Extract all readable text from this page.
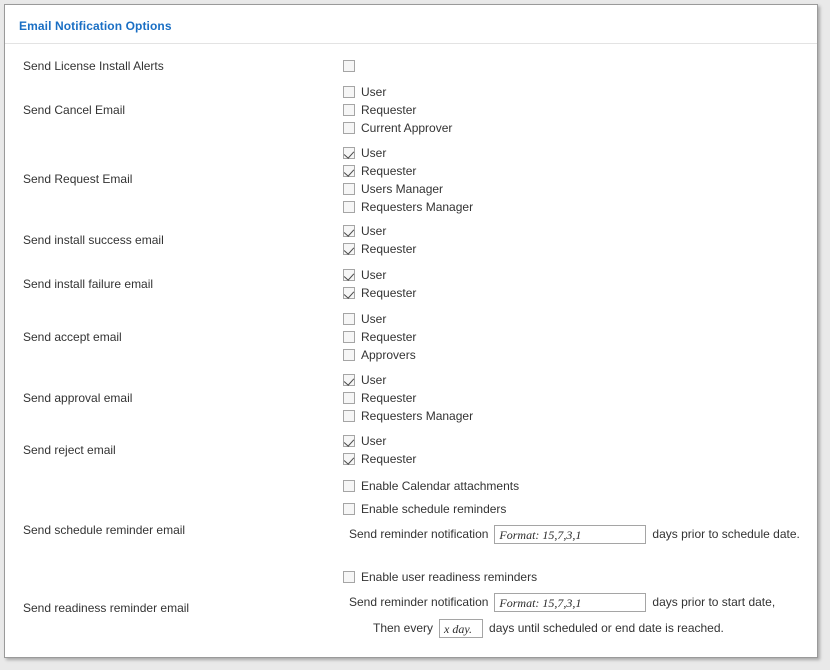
Email Notification Options
Send License Install Alerts
Send Cancel Email
User
Requester
Current Approver
Send Request Email
User
Requester
Users Manager
Requesters Manager
Send install success email
User
Requester
Send install failure email
User
Requester
Send accept email
User
Requester
Approvers
Send approval email
User
Requester
Requesters Manager
Send reject email
User
Requester
Send schedule reminder email
Enable Calendar attachments
Enable schedule reminders
Send reminder notification Format: 15,7,3,1	days prior to schedule date.
Send readiness reminder email
Enable user readiness reminders
Send reminder notification Format: 15,7,3,1	days prior to start date,
Then every x day. days until scheduled or end date is reached.
